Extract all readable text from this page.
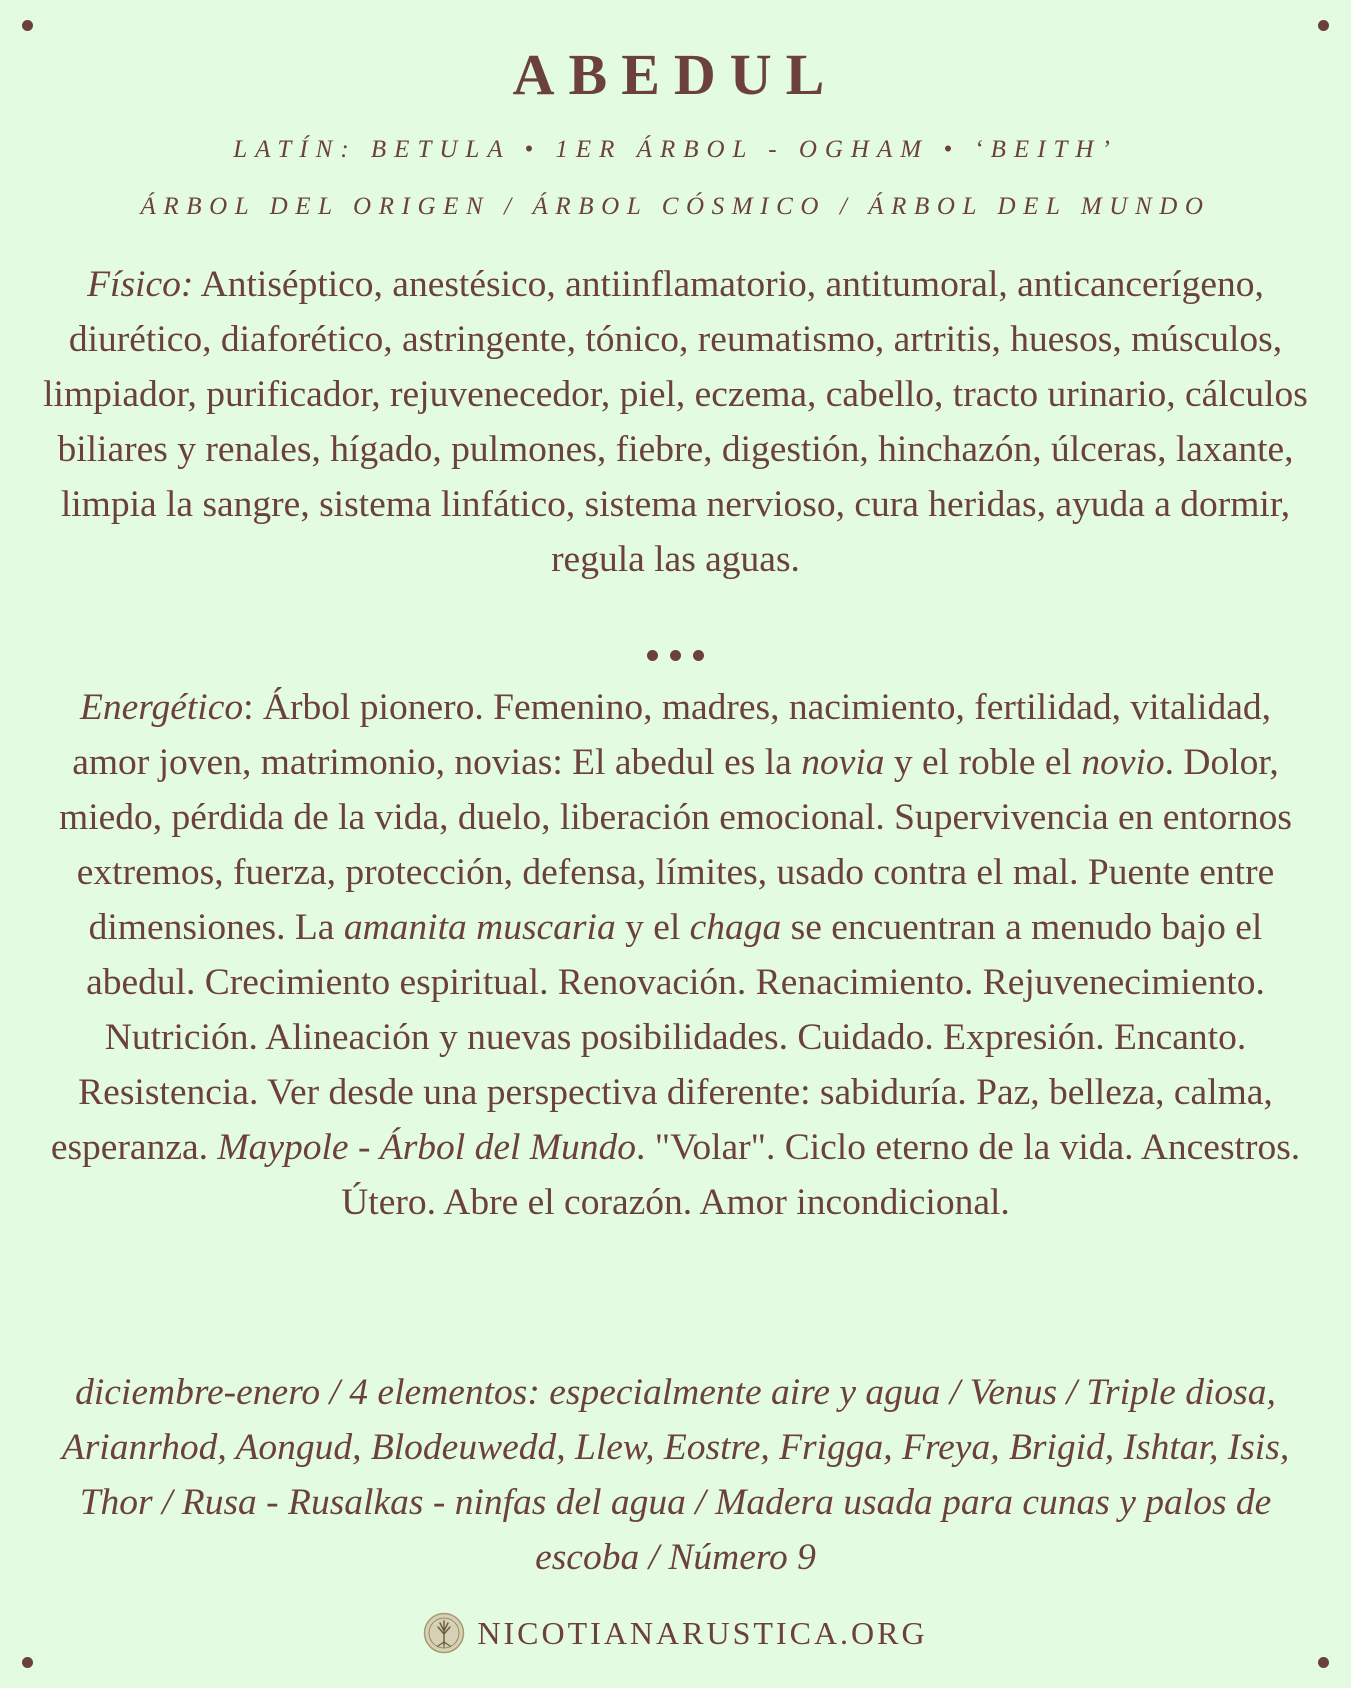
ABEDUL
LATÍN: BETULA • 1ER ÁRBOL - OGHAM • ‘BEITH’
ÁRBOL DEL ORIGEN / ÁRBOL CÓSMICO / ÁRBOL DEL MUNDO
Físico: Antiséptico, anestésico, antiinflamatorio, antitumoral, anticancerígeno, diurético, diaforético, astringente, tónico, reumatismo, artritis, huesos, músculos, limpiador, purificador, rejuvenecedor, piel, eczema, cabello, tracto urinario, cálculos biliares y renales, hígado, pulmones, fiebre, digestión, hinchazón, úlceras, laxante, limpia la sangre, sistema linfático, sistema nervioso, cura heridas, ayuda a dormir, regula las aguas.
Energético: Árbol pionero. Femenino, madres, nacimiento, fertilidad, vitalidad, amor joven, matrimonio, novias: El abedul es la novia y el roble el novio. Dolor, miedo, pérdida de la vida, duelo, liberación emocional. Supervivencia en entornos extremos, fuerza, protección, defensa, límites, usado contra el mal. Puente entre dimensiones. La amanita muscaria y el chaga se encuentran a menudo bajo el abedul. Crecimiento espiritual. Renovación. Renacimiento. Rejuvenecimiento. Nutrición. Alineación y nuevas posibilidades. Cuidado. Expresión. Encanto. Resistencia. Ver desde una perspectiva diferente: sabiduría. Paz, belleza, calma, esperanza. Maypole - Árbol del Mundo. "Volar". Ciclo eterno de la vida. Ancestros. Útero. Abre el corazón. Amor incondicional.
diciembre-enero / 4 elementos: especialmente aire y agua / Venus / Triple diosa, Arianrhod, Aongud, Blodeuwedd, Llew, Eostre, Frigga, Freya, Brigid, Ishtar, Isis, Thor / Rusa - Rusalkas - ninfas del agua / Madera usada para cunas y palos de escoba / Número 9
NICOTIANARUSTICA.ORG
